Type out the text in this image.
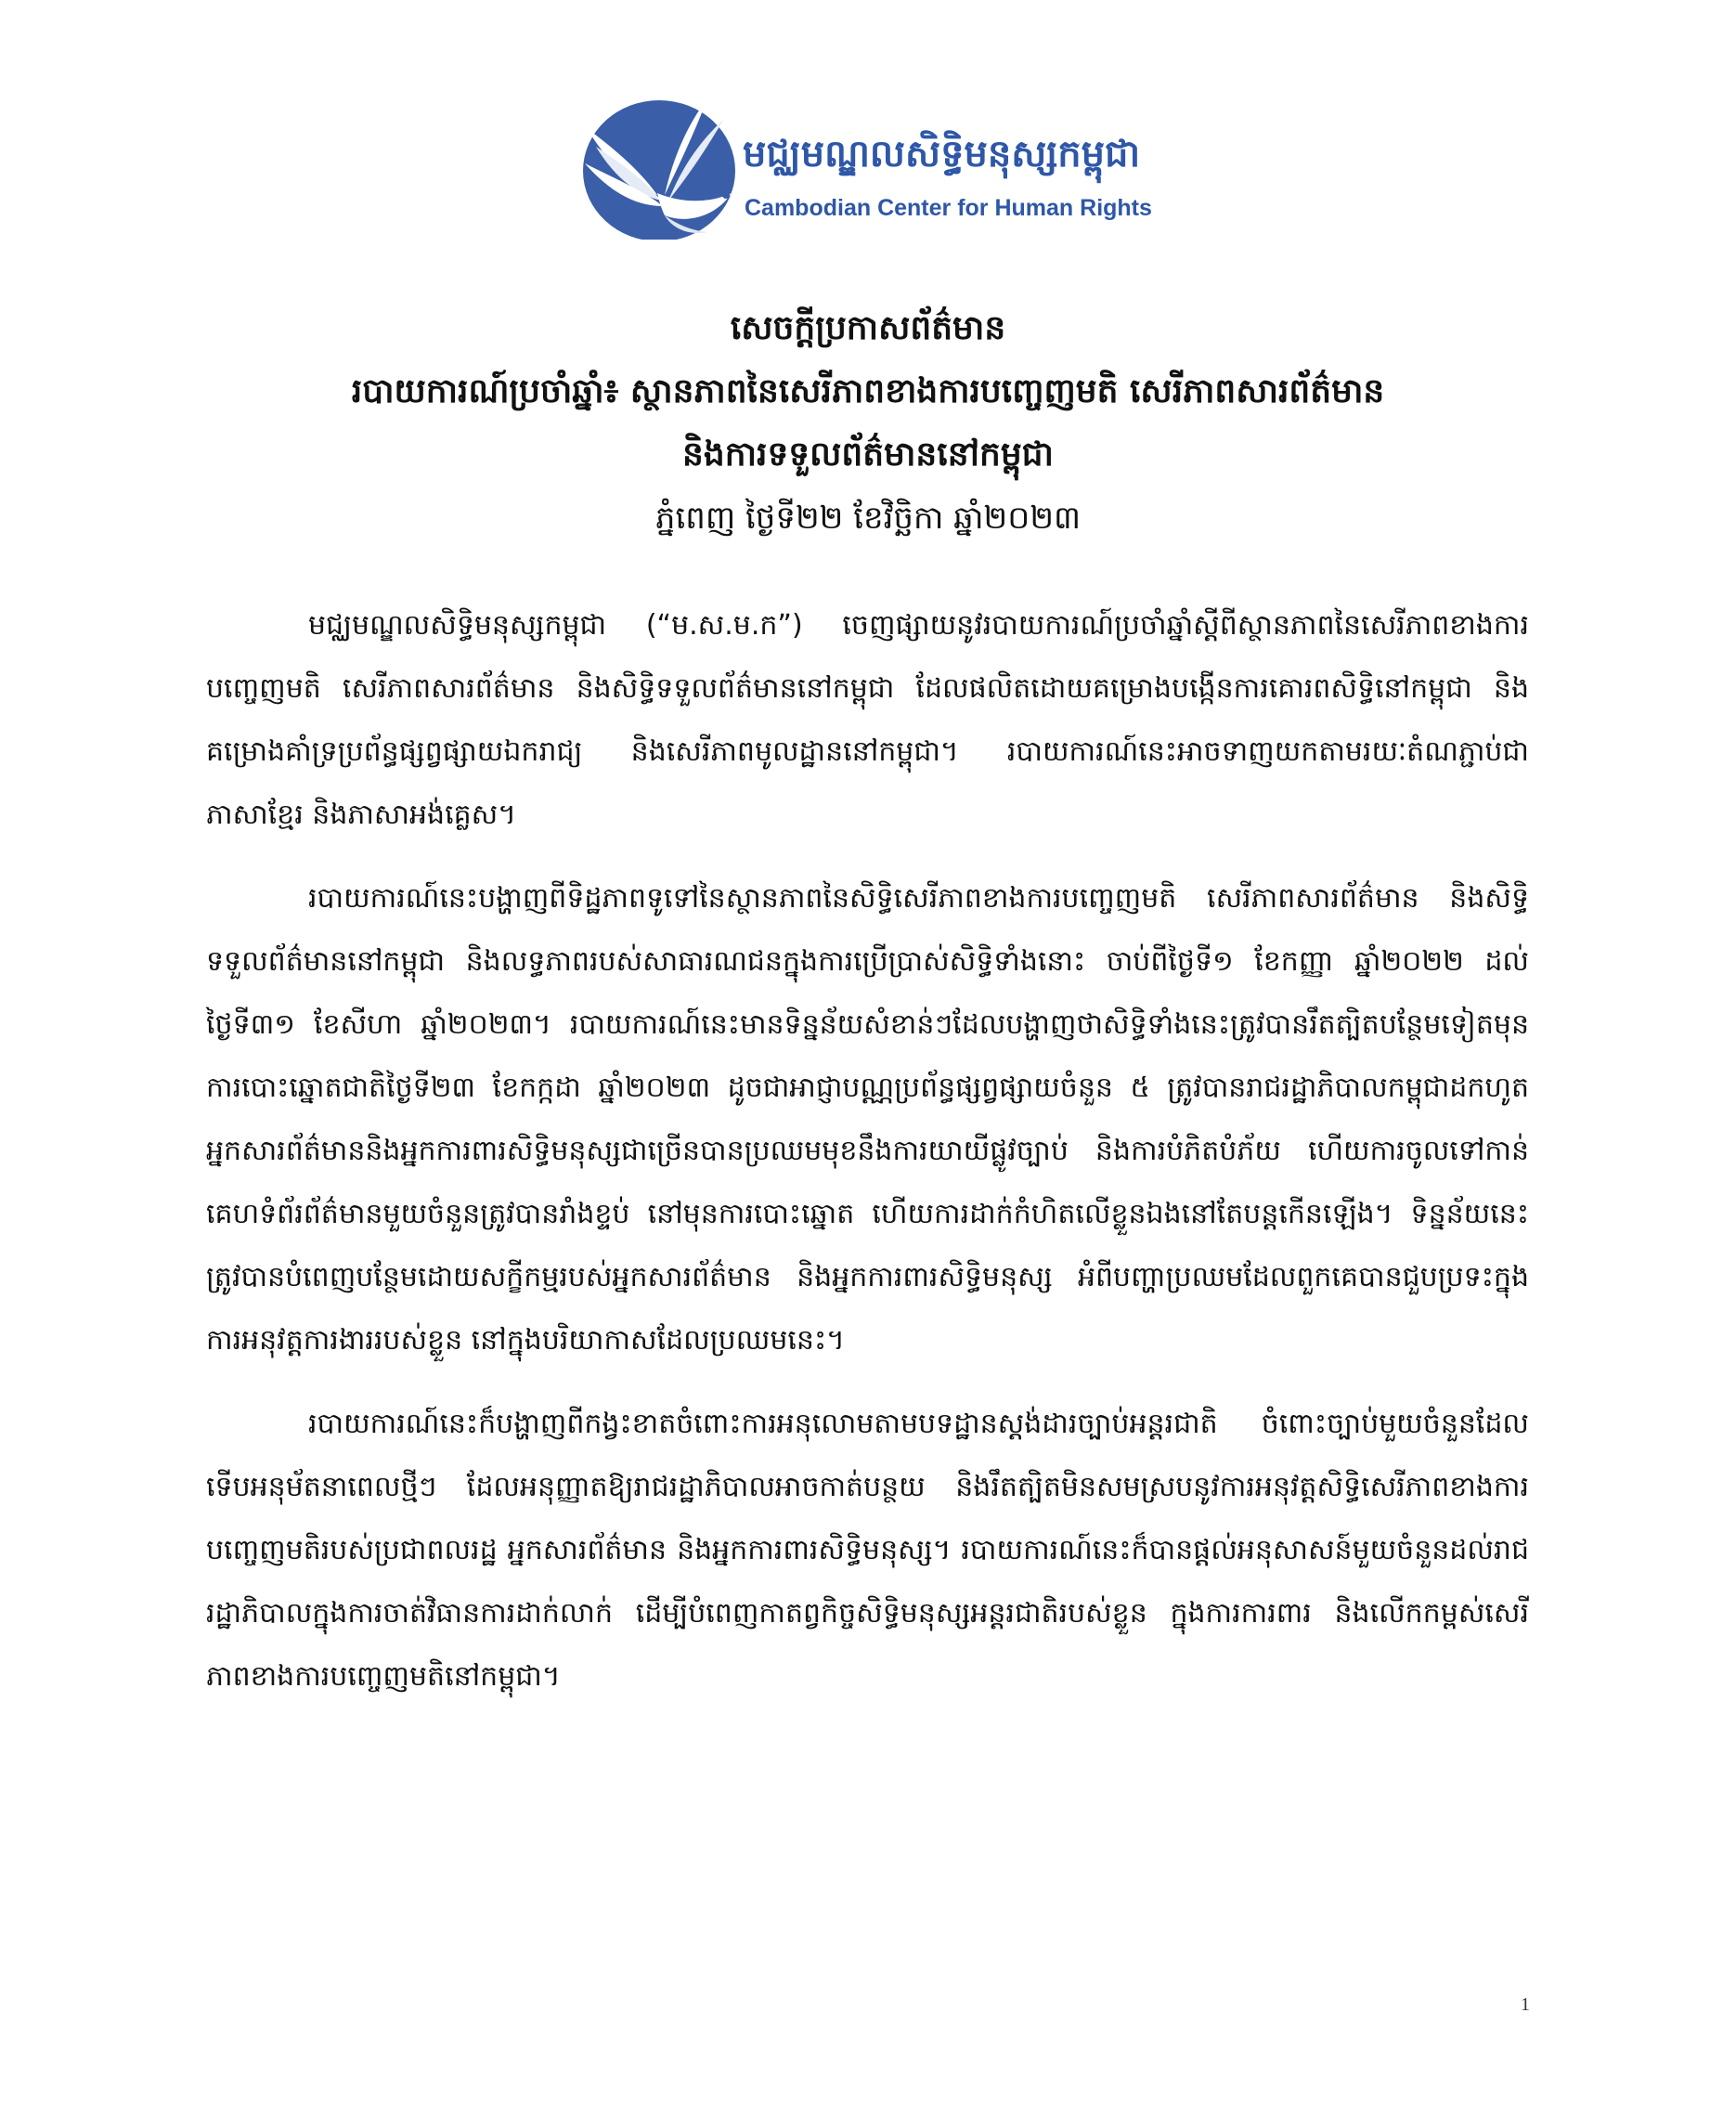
មជ្ឈមណ្ឌលសិទ្ធិមនុស្សកម្ពុជា
Cambodian Center for Human Rights
សេចក្តីប្រកាសព័ត៌មាន
របាយការណ៍ប្រចាំឆ្នាំ៖ ស្ថានភាពនៃសេរីភាពខាងការបញ្ចេញមតិ សេរីភាពសារព័ត៌មាន
និងការទទួលព័ត៌មាននៅកម្ពុជា
ភ្នំពេញ ថ្ងៃទី២២ ខែវិច្ឆិកា ឆ្នាំ២០២៣

មជ្ឈមណ្ឌលសិទ្ធិមនុស្សកម្ពុជា (“ម.ស.ម.ក”) ចេញផ្សាយនូវរបាយការណ៍ប្រចាំឆ្នាំស្តីពីស្ថានភាពនៃសេរីភាពខាងការបញ្ចេញមតិ សេរីភាពសារព័ត៌មាន និងសិទ្ធិទទួលព័ត៌មាននៅកម្ពុជា ដែលផលិតដោយគម្រោងបង្កើនការគោរពសិទ្ធិនៅកម្ពុជា និងគម្រោងគាំទ្រប្រព័ន្ធផ្សព្វផ្សាយឯករាជ្យ និងសេរីភាពមូលដ្ឋាននៅកម្ពុជា។ របាយការណ៍នេះអាចទាញយកតាមរយៈតំណភ្ជាប់ជា ភាសាខ្មែរ និងភាសាអង់គ្លេស។

របាយការណ៍នេះបង្ហាញពីទិដ្ឋភាពទូទៅនៃស្ថានភាពនៃសិទ្ធិសេរីភាពខាងការបញ្ចេញមតិ សេរីភាពសារព័ត៌មាន និងសិទ្ធិទទួលព័ត៌មាននៅកម្ពុជា និងលទ្ធភាពរបស់សាធារណជនក្នុងការប្រើប្រាស់សិទ្ធិទាំងនោះ ចាប់ពីថ្ងៃទី១ ខែកញ្ញា ឆ្នាំ២០២២ ដល់ ថ្ងៃទី៣១ ខែសីហា ឆ្នាំ២០២៣។ របាយការណ៍នេះមានទិន្នន័យសំខាន់ៗដែលបង្ហាញថាសិទ្ធិទាំងនេះត្រូវបានរឹតត្បិតបន្ថែមទៀតមុនការបោះឆ្នោតជាតិថ្ងៃទី២៣ ខែកក្កដា ឆ្នាំ២០២៣ ដូចជាអាជ្ញាបណ្ណប្រព័ន្ធផ្សព្វផ្សាយចំនួន ៥ ត្រូវបានរាជរដ្ឋាភិបាលកម្ពុជាដកហូត អ្នកសារព័ត៌មាននិងអ្នកការពារសិទ្ធិមនុស្សជាច្រើនបានប្រឈមមុខនឹងការយាយីផ្លូវច្បាប់ និងការបំភិតបំភ័យ ហើយការចូលទៅកាន់គេហទំព័រព័ត៌មានមួយចំនួនត្រូវបានរាំងខ្ទប់ នៅមុនការបោះឆ្នោត ហើយការដាក់កំហិតលើខ្លួនឯងនៅតែបន្តកើនឡើង។ ទិន្នន័យនេះត្រូវបានបំពេញបន្ថែមដោយសក្ខីកម្មរបស់អ្នកសារព័ត៌មាន និងអ្នកការពារសិទ្ធិមនុស្ស អំពីបញ្ហាប្រឈមដែលពួកគេបានជួបប្រទះក្នុងការអនុវត្តការងាររបស់ខ្លួន នៅក្នុងបរិយាកាសដែលប្រឈមនេះ។

របាយការណ៍នេះក៏បង្ហាញពីកង្វះខាតចំពោះការអនុលោមតាមបទដ្ឋានស្តង់ដារច្បាប់អន្តរជាតិ ចំពោះច្បាប់មួយចំនួនដែលទើបអនុម័តនាពេលថ្មីៗ ដែលអនុញ្ញាតឱ្យរាជរដ្ឋាភិបាលអាចកាត់បន្ថយ និងរឹតត្បិតមិនសមស្របនូវការអនុវត្តសិទ្ធិសេរីភាពខាងការបញ្ចេញមតិរបស់ប្រជាពលរដ្ឋ អ្នកសារព័ត៌មាន និងអ្នកការពារសិទ្ធិមនុស្ស។ របាយការណ៍នេះក៏បានផ្តល់អនុសាសន៍មួយចំនួនដល់រាជរដ្ឋាភិបាលក្នុងការចាត់វិធានការដាក់លាក់ ដើម្បីបំពេញកាតព្វកិច្ចសិទ្ធិមនុស្សអន្តរជាតិរបស់ខ្លួន ក្នុងការការពារ និងលើកកម្ពស់សេរីភាពខាងការបញ្ចេញមតិនៅកម្ពុជា។

1
